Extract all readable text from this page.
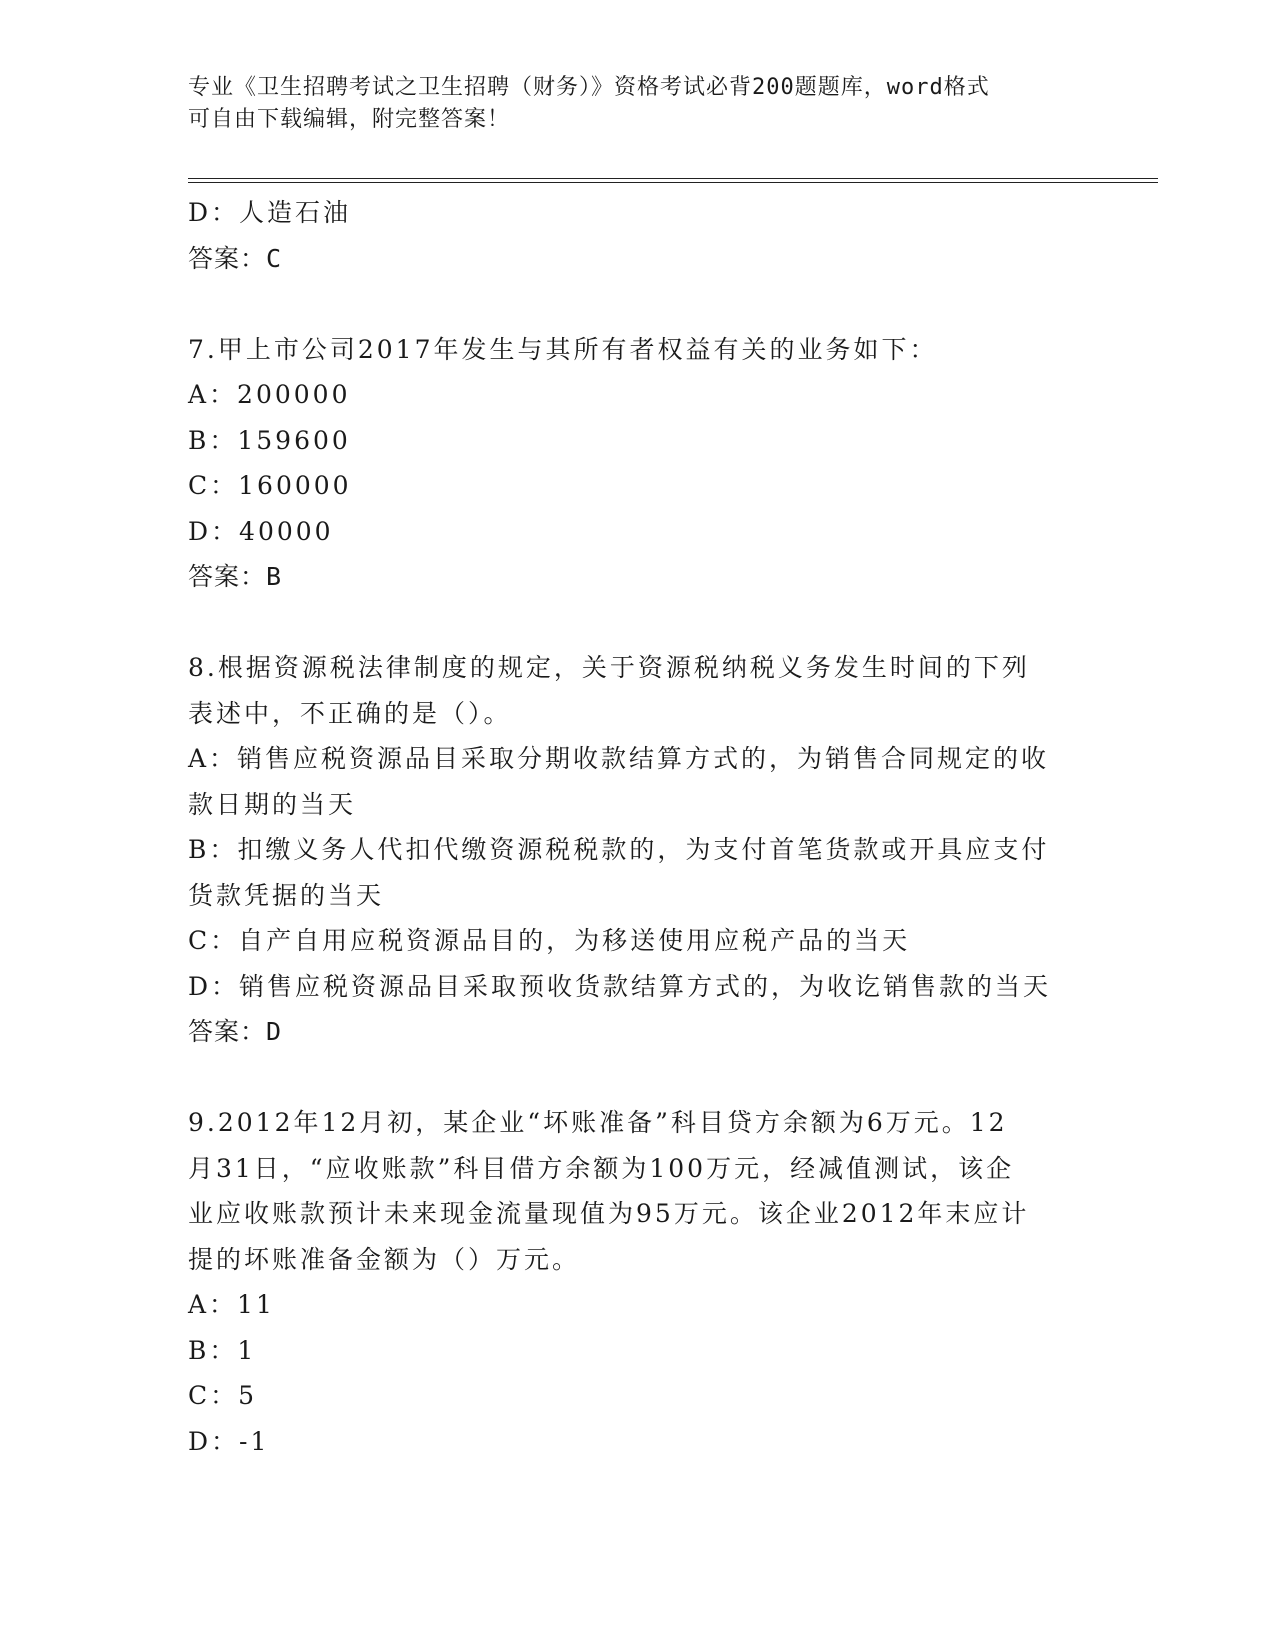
专业《卫生招聘考试之卫生招聘（财务）》资格考试必背200题题库，word格式
可自由下载编辑，附完整答案！
D：人造石油
答案：C
7.甲上市公司2017年发生与其所有者权益有关的业务如下：
A：200000
B：159600
C：160000
D：40000
答案：B
8.根据资源税法律制度的规定，关于资源税纳税义务发生时间的下列
表述中，不正确的是（）。
A：销售应税资源品目采取分期收款结算方式的，为销售合同规定的收
款日期的当天
B：扣缴义务人代扣代缴资源税税款的，为支付首笔货款或开具应支付
货款凭据的当天
C：自产自用应税资源品目的，为移送使用应税产品的当天
D：销售应税资源品目采取预收货款结算方式的，为收讫销售款的当天
答案：D
9.2012年12月初，某企业“坏账准备”科目贷方余额为6万元。12
月31日，“应收账款”科目借方余额为100万元，经减值测试，该企
业应收账款预计未来现金流量现值为95万元。该企业2012年末应计
提的坏账准备金额为（）万元。
A：11
B：1
C：5
D：-1
